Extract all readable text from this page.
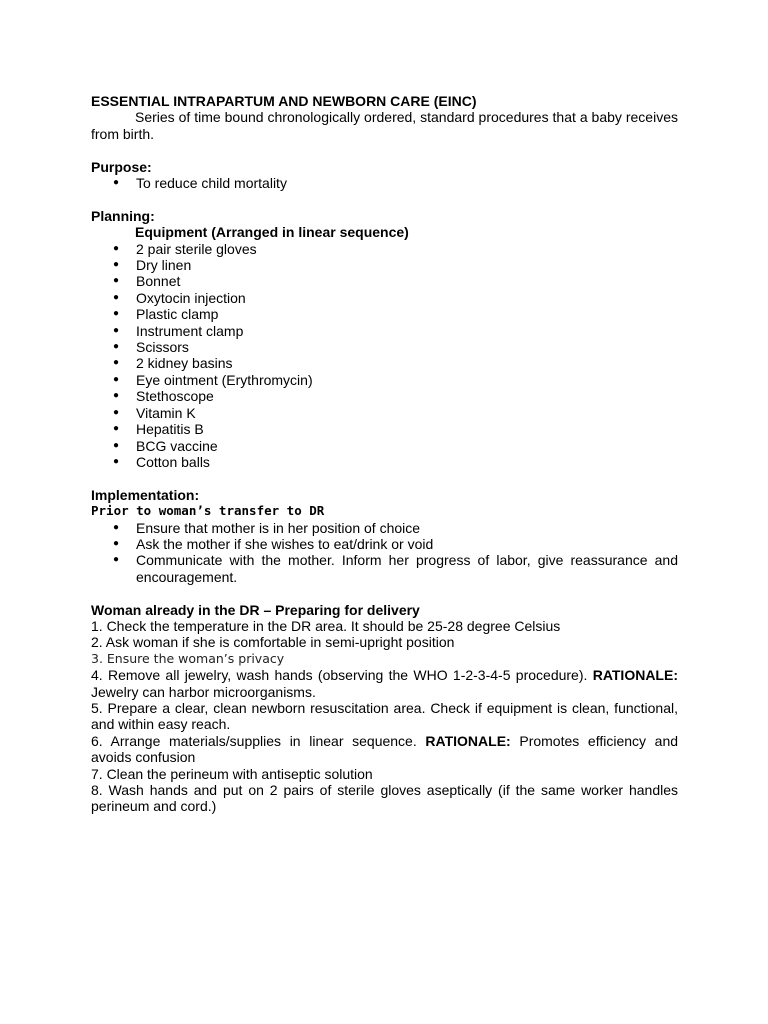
ESSENTIAL INTRAPARTUM AND NEWBORN CARE (EINC)

Series of time bound chronologically ordered, standard procedures that a baby receives from birth.

Purpose:

● To reduce child mortality

Planning:

Equipment (Arranged in linear sequence)

● 2 pair sterile gloves
● Dry linen
● Bonnet
● Oxytocin injection
● Plastic clamp
● Instrument clamp
● Scissors
● 2 kidney basins
● Eye ointment (Erythromycin)
● Stethoscope
● Vitamin K
● Hepatitis B
● BCG vaccine
● Cotton balls

Implementation:

Prior to woman’s transfer to DR

● Ensure that mother is in her position of choice
● Ask the mother if she wishes to eat/drink or void
● Communicate with the mother. Inform her progress of labor, give reassurance and encouragement.

Woman already in the DR – Preparing for delivery

1. Check the temperature in the DR area. It should be 25-28 degree Celsius

2. Ask woman if she is comfortable in semi-upright position

3. Ensure the woman’s privacy

4. Remove all jewelry, wash hands (observing the WHO 1-2-3-4-5 procedure). RATIONALE: Jewelry can harbor microorganisms.

5. Prepare a clear, clean newborn resuscitation area. Check if equipment is clean, functional, and within easy reach.

6. Arrange materials/supplies in linear sequence. RATIONALE: Promotes efficiency and avoids confusion

7. Clean the perineum with antiseptic solution

8. Wash hands and put on 2 pairs of sterile gloves aseptically (if the same worker handles perineum and cord.)
